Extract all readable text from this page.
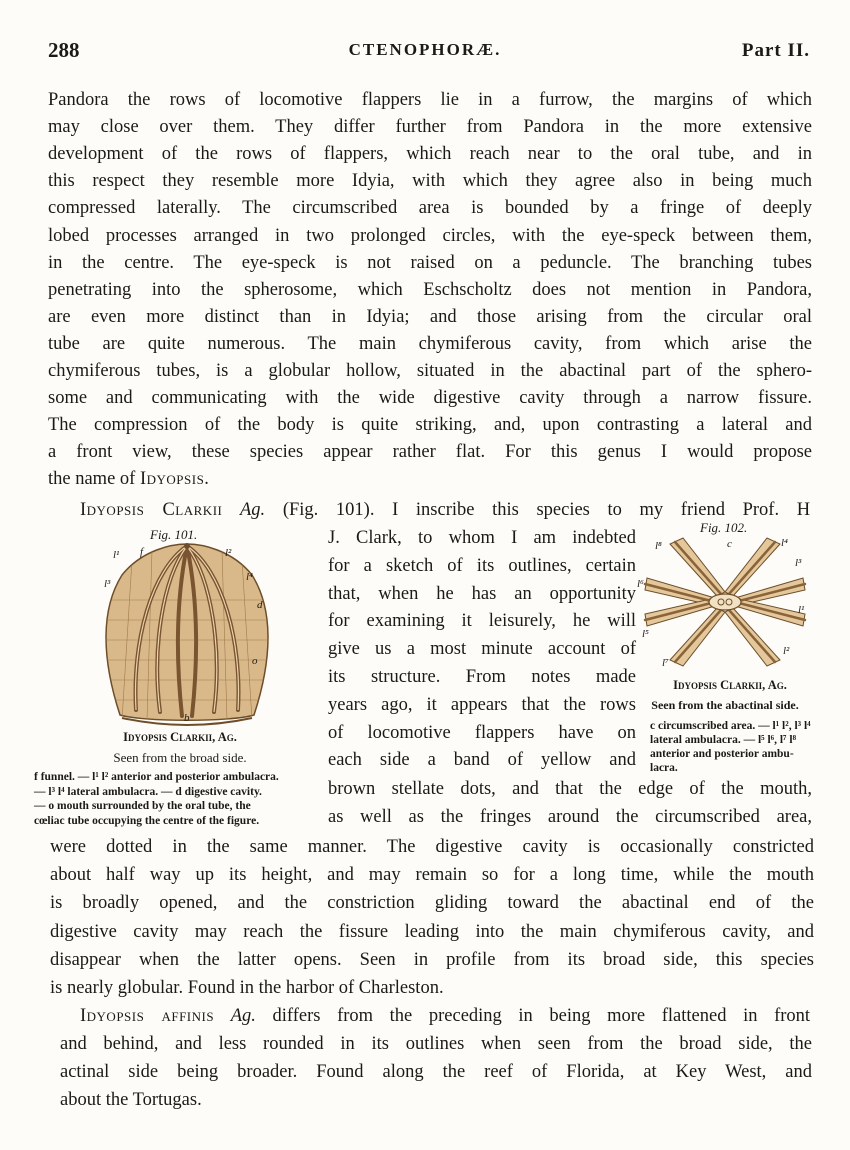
288	CTENOPHORÆ.	Part II.
Pandora the rows of locomotive flappers lie in a furrow, the margins of which
may close over them. They differ further from Pandora in the more extensive
development of the rows of flappers, which reach near to the oral tube, and in
this respect they resemble more Idyia, with which they agree also in being much
compressed laterally. The circumscribed area is bounded by a fringe of deeply
lobed processes arranged in two prolonged circles, with the eye-speck between them,
in the centre. The eye-speck is not raised on a peduncle. The branching tubes
penetrating into the spherosome, which Eschscholtz does not mention in Pandora,
are even more distinct than in Idyia; and those arising from the circular oral
tube are quite numerous. The main chymiferous cavity, from which arise the
chymiferous tubes, is a globular hollow, situated in the abactinal part of the sphero-
some and communicating with the wide digestive cavity through a narrow fissure.
The compression of the body is quite striking, and, upon contrasting a lateral and
a front view, these species appear rather flat. For this genus I would propose
the name of Idyopsis.
Idyopsis Clarkii Ag. (Fig. 101). I inscribe this species to my friend Prof. H
J. Clark, to whom I am indebted
for a sketch of its outlines, certain
that, when he has an opportunity
for examining it leisurely, he will
give us a most minute account of
its structure. From notes made
years ago, it appears that the rows
of locomotive flappers have on
each side a band of yellow and
brown stellate dots, and that the edge of the mouth,
as well as the fringes around the circumscribed area,
were dotted in the same manner. The digestive cavity is occasionally constricted
about half way up its height, and may remain so for a long time, while the mouth
is broadly opened, and the constriction gliding toward the abactinal end of the
digestive cavity may reach the fissure leading into the main chymiferous cavity, and
disappear when the latter opens. Seen in profile from its broad side, this species
is nearly globular. Found in the harbor of Charleston.
Idyopsis affinis Ag. differs from the preceding in being more flattened in front
and behind, and less rounded in its outlines when seen from the broad side, the
actinal side being broader. Found along the reef of Florida, at Key West, and
about the Tortugas.
Fig. 101.
l¹ f	l²
l³
l⁴
d
o
b
Idyopsis Clarkii, Ag.
Seen from the broad side.
f funnel. — l¹ l² anterior and posterior ambulacra.
— l³ l⁴ lateral ambulacra. — d digestive cavity.
— o mouth surrounded by the oral tube, the
cœliac tube occupying the centre of the figure.
Fig. 102.
l⁸	c	l⁴
l³
l⁶
l¹
l⁵
l²
l⁷
Idyopsis Clarkii, Ag.
Seen from the abactinal side.
c circumscribed area. — l¹ l², l³ l⁴
lateral ambulacra. — l⁵ l⁶, l⁷ l⁸
anterior and posterior ambu-
lacra.
